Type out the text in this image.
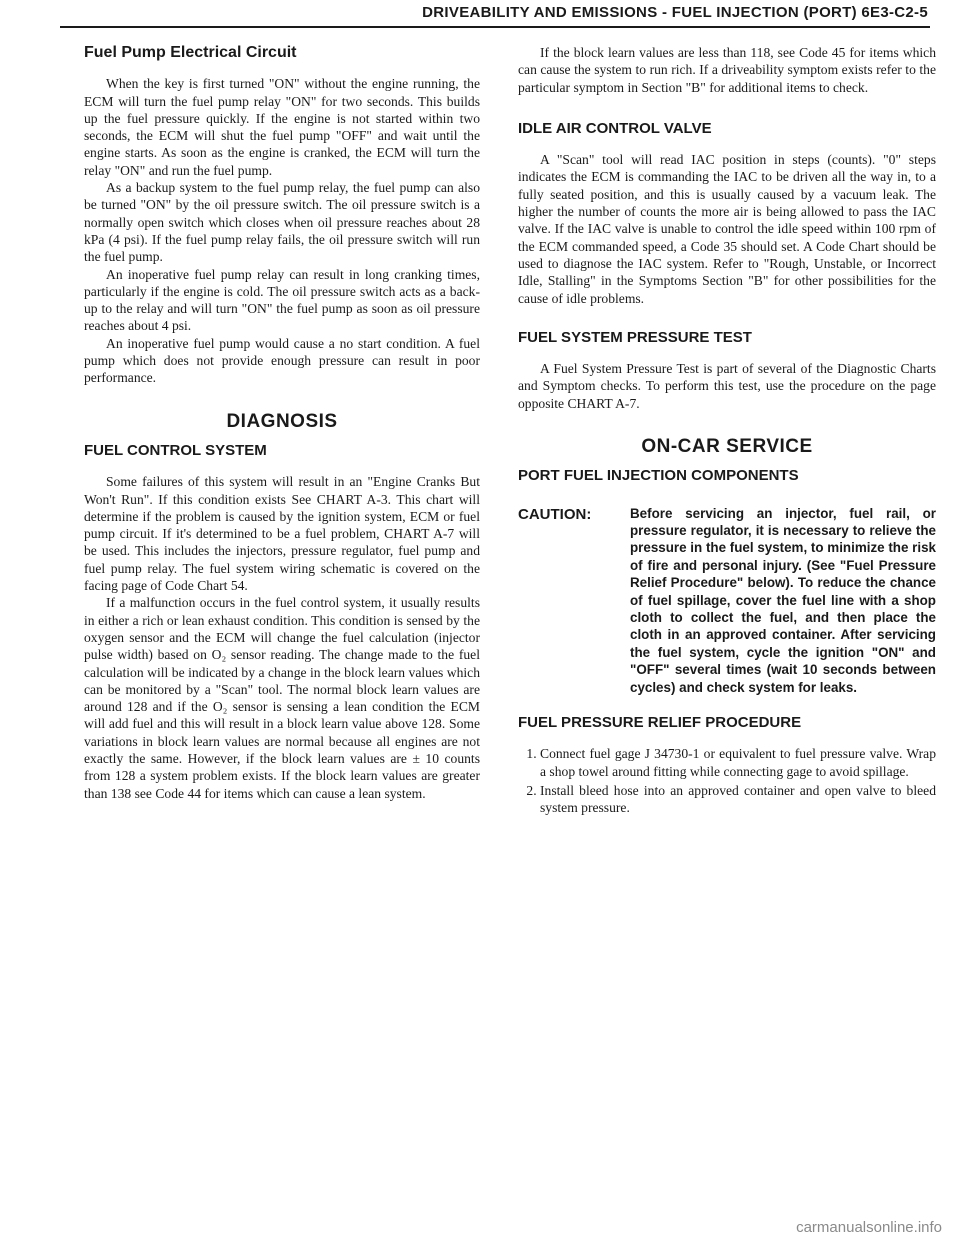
DRIVEABILITY AND EMISSIONS - FUEL INJECTION (PORT) 6E3-C2-5
Fuel Pump Electrical Circuit

When the key is first turned "ON" without the engine running, the ECM will turn the fuel pump relay "ON" for two seconds. This builds up the fuel pressure quickly. If the engine is not started within two seconds, the ECM will shut the fuel pump "OFF" and wait until the engine starts. As soon as the engine is cranked, the ECM will turn the relay "ON" and run the fuel pump.

As a backup system to the fuel pump relay, the fuel pump can also be turned "ON" by the oil pressure switch. The oil pressure switch is a normally open switch which closes when oil pressure reaches about 28 kPa (4 psi). If the fuel pump relay fails, the oil pressure switch will run the fuel pump.

An inoperative fuel pump relay can result in long cranking times, particularly if the engine is cold. The oil pressure switch acts as a back-up to the relay and will turn "ON" the fuel pump as soon as oil pressure reaches about 4 psi.

An inoperative fuel pump would cause a no start condition. A fuel pump which does not provide enough pressure can result in poor performance.

DIAGNOSIS
FUEL CONTROL SYSTEM

Some failures of this system will result in an "Engine Cranks But Won't Run". If this condition exists See CHART A-3. This chart will determine if the problem is caused by the ignition system, ECM or fuel pump circuit. If it's determined to be a fuel problem, CHART A-7 will be used. This includes the injectors, pressure regulator, fuel pump and fuel pump relay. The fuel system wiring schematic is covered on the facing page of Code Chart 54.

If a malfunction occurs in the fuel control system, it usually results in either a rich or lean exhaust condition. This condition is sensed by the oxygen sensor and the ECM will change the fuel calculation (injector pulse width) based on O₂ sensor reading. The change made to the fuel calculation will be indicated by a change in the block learn values which can be monitored by a "Scan" tool. The normal block learn values are around 128 and if the O₂ sensor is sensing a lean condition the ECM will add fuel and this will result in a block learn value above 128. Some variations in block learn values are normal because all engines are not exactly the same. However, if the block learn values are ± 10 counts from 128 a system problem exists. If the block learn values are greater than 138 see Code 44 for items which can cause a lean system.

If the block learn values are less than 118, see Code 45 for items which can cause the system to run rich. If a driveability symptom exists refer to the particular symptom in Section "B" for additional items to check.

IDLE AIR CONTROL VALVE

A "Scan" tool will read IAC position in steps (counts). "0" steps indicates the ECM is commanding the IAC to be driven all the way in, to a fully seated position, and this is usually caused by a vacuum leak. The higher the number of counts the more air is being allowed to pass the IAC valve. If the IAC valve is unable to control the idle speed within 100 rpm of the ECM commanded speed, a Code 35 should set. A Code Chart should be used to diagnose the IAC system. Refer to "Rough, Unstable, or Incorrect Idle, Stalling" in the Symptoms Section "B" for other possibilities for the cause of idle problems.

FUEL SYSTEM PRESSURE TEST

A Fuel System Pressure Test is part of several of the Diagnostic Charts and Symptom checks. To perform this test, use the procedure on the page opposite CHART A-7.

ON-CAR SERVICE
PORT FUEL INJECTION COMPONENTS
CAUTION:	Before servicing an injector, fuel rail, or pressure regulator, it is necessary to relieve the pressure in the fuel system, to minimize the risk of fire and personal injury. (See "Fuel Pressure Relief Procedure" below). To reduce the chance of fuel spillage, cover the fuel line with a shop cloth to collect the fuel, and then place the cloth in an approved container. After servicing the fuel system, cycle the ignition "ON" and "OFF" several times (wait 10 seconds between cycles) and check system for leaks.
FUEL PRESSURE RELIEF PROCEDURE
1. Connect fuel gage J 34730-1 or equivalent to fuel pressure valve. Wrap a shop towel around fitting while connecting gage to avoid spillage.
2. Install bleed hose into an approved container and open valve to bleed system pressure.
carmanualsonline.info
